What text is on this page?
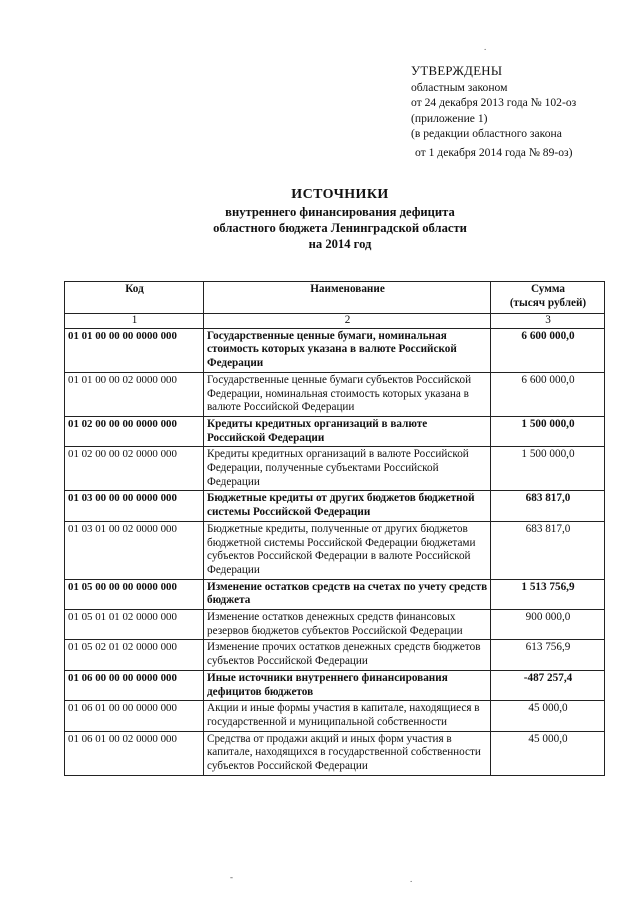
УТВЕРЖДЕНЫ
областным законом
от 24 декабря 2013 года № 102-оз
(приложение 1)
(в редакции областного закона
от 1 декабря 2014 года № 89-оз)
ИСТОЧНИКИ
внутреннего финансирования дефицита
областного бюджета Ленинградской области
на 2014 год
Код	Наименование	Сумма
(тысяч рублей)

1	2	3
01 01 00 00 00 0000 000	Государственные ценные бумаги, номинальная стоимость которых указана в валюте Российской Федерации	6 600 000,0
01 01 00 00 02 0000 000	Государственные ценные бумаги субъектов Российской Федерации, номинальная стоимость которых указана в валюте Российской Федерации	6 600 000,0
01 02 00 00 00 0000 000	Кредиты кредитных организаций в валюте Российской Федерации	1 500 000,0
01 02 00 00 02 0000 000	Кредиты кредитных организаций в валюте Российской Федерации, полученные субъектами Российской Федерации	1 500 000,0
01 03 00 00 00 0000 000	Бюджетные кредиты от других бюджетов бюджетной системы Российской Федерации	683 817,0
01 03 01 00 02 0000 000	Бюджетные кредиты, полученные от других бюджетов бюджетной системы Российской Федерации бюджетами субъектов Российской Федерации в валюте Российской Федерации	683 817,0
01 05 00 00 00 0000 000	Изменение остатков средств на счетах по учету средств бюджета	1 513 756,9
01 05 01 01 02 0000 000	Изменение остатков денежных средств финансовых резервов бюджетов субъектов Российской Федерации	900 000,0
01 05 02 01 02 0000 000	Изменение прочих остатков денежных средств бюджетов субъектов Российской Федерации	613 756,9
01 06 00 00 00 0000 000	Иные источники внутреннего финансирования дефицитов бюджетов	-487 257,4
01 06 01 00 00 0000 000	Акции и иные формы участия в капитале, находящиеся в государственной и муниципальной собственности	45 000,0
01 06 01 00 02 0000 000	Средства от продажи акций и иных форм участия в капитале, находящихся в государственной собственности субъектов Российской Федерации	45 000,0
.
-	.
